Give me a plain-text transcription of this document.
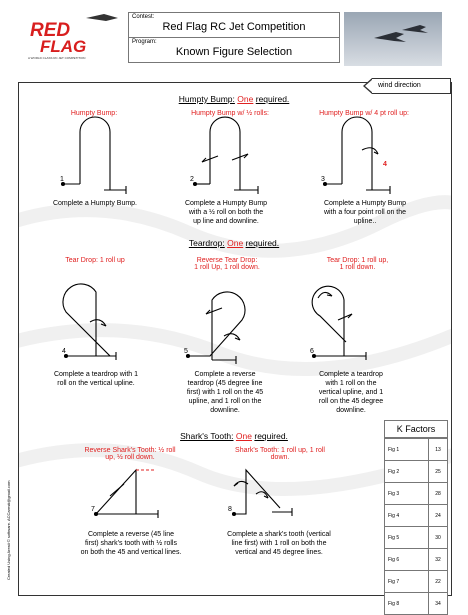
RED
FLAG
A WORLD CLASS RC JET COMPETITION
Contest:
Red Flag RC Jet Competition
Program:
Known Figure Selection
wind direction
Humpty Bump: One required.
Teardrop: One required.
Shark's Tooth: One required.
Humpty Bump:	Humpty Bump w/ ½ rolls:	Humpty Bump w/ 4 pt roll up:
Tear Drop: 1 roll up	Reverse Tear Drop:
1 roll Up, 1 roll down.
Tear Drop: 1 roll up,
1 roll down.
Reverse Shark's Tooth: ½ roll
up, ½ roll down.
Shark's Tooth: 1 roll up, 1 roll
down.
1	2	3
4
4	5	6
7	8
Complete a Humpty Bump.	Complete a Humpty Bump
with a ½ roll on both the
up line and downline.
Complete a Humpty Bump
with a four point roll on the
upline..
Complete a teardrop with 1
roll on the vertical upline.
Complete a reverse
teardrop (45 degree line
first) with 1 roll on the 45
upline, and 1 roll on the
downline.
Complete a teardrop
with 1 roll on the
vertical upline, and 1
roll on the 45 degree
downline.
Complete a reverse (45 line
first) shark's tooth with ½ rolls
on both the 45 and vertical lines.
Complete a shark's tooth (vertical
line first) with 1 roll on both the
vertical and 45 degree lines.
K Factors
Fig 1	13
Fig 2	25
Fig 3	28
Fig 4	24
Fig 5	30
Fig 6	32
Fig 7	22
Fig 8	34
Created Using Aresti © software. ACCaresti@gmail.com
